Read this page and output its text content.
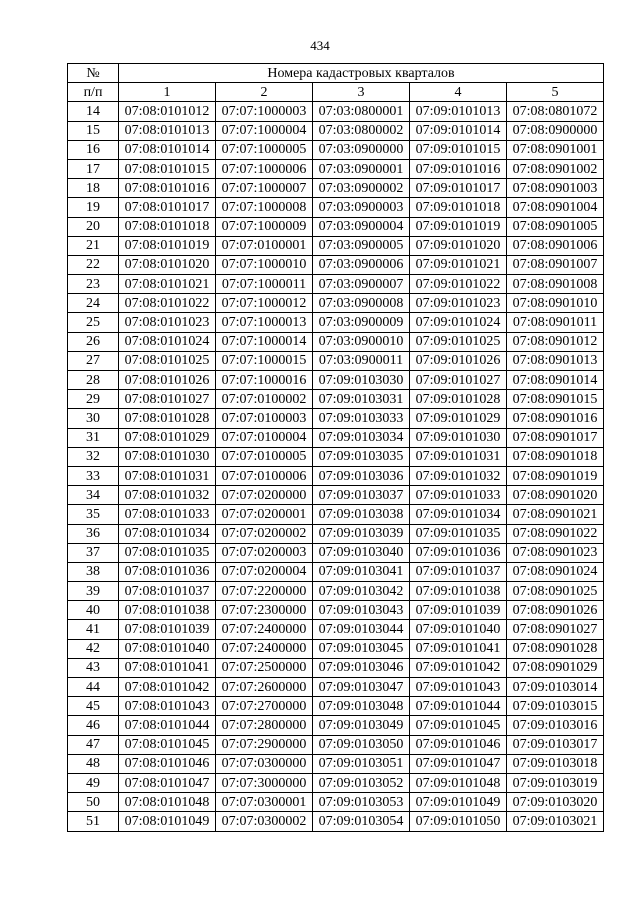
434
№	Номера кадастровых кварталов				
п/п	1	2	3	4	5
14	07:08:0101012	07:07:1000003	07:03:0800001	07:09:0101013	07:08:0801072
15	07:08:0101013	07:07:1000004	07:03:0800002	07:09:0101014	07:08:0900000
16	07:08:0101014	07:07:1000005	07:03:0900000	07:09:0101015	07:08:0901001
17	07:08:0101015	07:07:1000006	07:03:0900001	07:09:0101016	07:08:0901002
18	07:08:0101016	07:07:1000007	07:03:0900002	07:09:0101017	07:08:0901003
19	07:08:0101017	07:07:1000008	07:03:0900003	07:09:0101018	07:08:0901004
20	07:08:0101018	07:07:1000009	07:03:0900004	07:09:0101019	07:08:0901005
21	07:08:0101019	07:07:0100001	07:03:0900005	07:09:0101020	07:08:0901006
22	07:08:0101020	07:07:1000010	07:03:0900006	07:09:0101021	07:08:0901007
23	07:08:0101021	07:07:1000011	07:03:0900007	07:09:0101022	07:08:0901008
24	07:08:0101022	07:07:1000012	07:03:0900008	07:09:0101023	07:08:0901010
25	07:08:0101023	07:07:1000013	07:03:0900009	07:09:0101024	07:08:0901011
26	07:08:0101024	07:07:1000014	07:03:0900010	07:09:0101025	07:08:0901012
27	07:08:0101025	07:07:1000015	07:03:0900011	07:09:0101026	07:08:0901013
28	07:08:0101026	07:07:1000016	07:09:0103030	07:09:0101027	07:08:0901014
29	07:08:0101027	07:07:0100002	07:09:0103031	07:09:0101028	07:08:0901015
30	07:08:0101028	07:07:0100003	07:09:0103033	07:09:0101029	07:08:0901016
31	07:08:0101029	07:07:0100004	07:09:0103034	07:09:0101030	07:08:0901017
32	07:08:0101030	07:07:0100005	07:09:0103035	07:09:0101031	07:08:0901018
33	07:08:0101031	07:07:0100006	07:09:0103036	07:09:0101032	07:08:0901019
34	07:08:0101032	07:07:0200000	07:09:0103037	07:09:0101033	07:08:0901020
35	07:08:0101033	07:07:0200001	07:09:0103038	07:09:0101034	07:08:0901021
36	07:08:0101034	07:07:0200002	07:09:0103039	07:09:0101035	07:08:0901022
37	07:08:0101035	07:07:0200003	07:09:0103040	07:09:0101036	07:08:0901023
38	07:08:0101036	07:07:0200004	07:09:0103041	07:09:0101037	07:08:0901024
39	07:08:0101037	07:07:2200000	07:09:0103042	07:09:0101038	07:08:0901025
40	07:08:0101038	07:07:2300000	07:09:0103043	07:09:0101039	07:08:0901026
41	07:08:0101039	07:07:2400000	07:09:0103044	07:09:0101040	07:08:0901027
42	07:08:0101040	07:07:2400000	07:09:0103045	07:09:0101041	07:08:0901028
43	07:08:0101041	07:07:2500000	07:09:0103046	07:09:0101042	07:08:0901029
44	07:08:0101042	07:07:2600000	07:09:0103047	07:09:0101043	07:09:0103014
45	07:08:0101043	07:07:2700000	07:09:0103048	07:09:0101044	07:09:0103015
46	07:08:0101044	07:07:2800000	07:09:0103049	07:09:0101045	07:09:0103016
47	07:08:0101045	07:07:2900000	07:09:0103050	07:09:0101046	07:09:0103017
48	07:08:0101046	07:07:0300000	07:09:0103051	07:09:0101047	07:09:0103018
49	07:08:0101047	07:07:3000000	07:09:0103052	07:09:0101048	07:09:0103019
50	07:08:0101048	07:07:0300001	07:09:0103053	07:09:0101049	07:09:0103020
51	07:08:0101049	07:07:0300002	07:09:0103054	07:09:0101050	07:09:0103021
